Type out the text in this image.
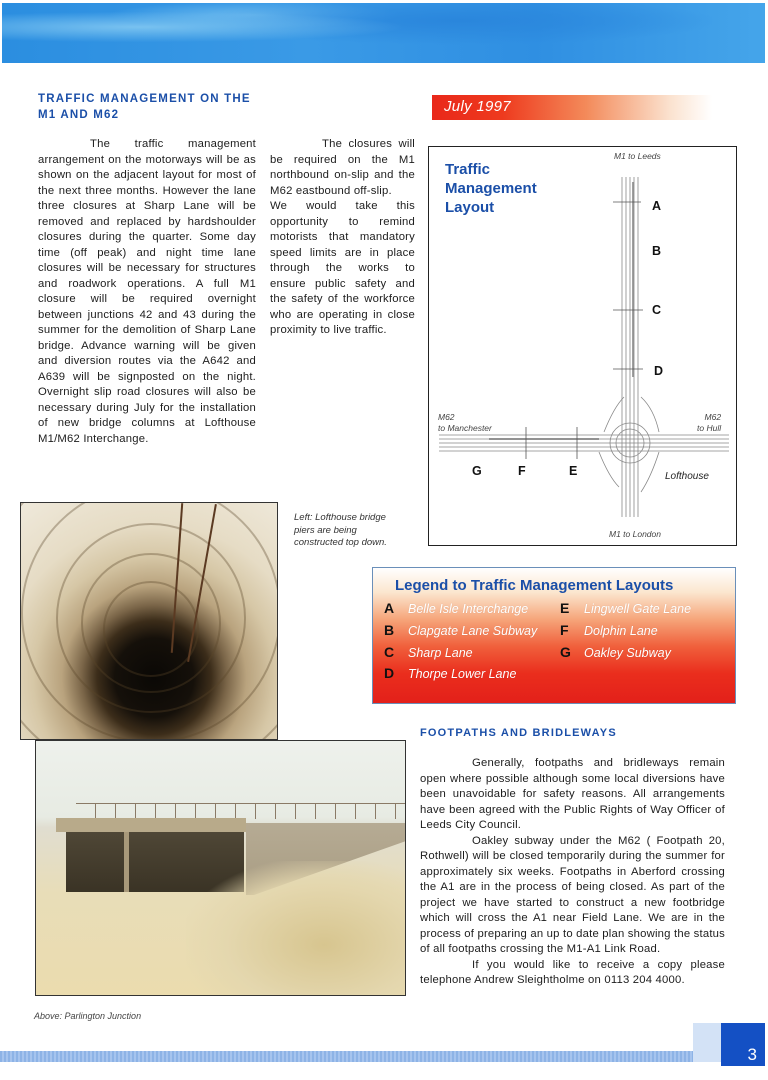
TRAFFIC MANAGEMENT ON THE M1 AND M62

The traffic management arrangement on the motorways will be as shown on the adjacent layout for most of the next three months. However the lane three closures at Sharp Lane will be removed and replaced by hardshoulder closures during the quarter. Some day time (off peak) and night time lane closures will be necessary for structures and roadwork operations. A full M1 closure will be required overnight between junctions 42 and 43 during the summer for the demolition of Sharp Lane bridge. Advance warning will be given and diversion routes via the A642 and A639 will be signposted on the night. Overnight slip road closures will also be necessary during July for the installation of new bridge columns at Lofthouse M1/M62 Interchange.

The closures will be required on the M1 northbound on-slip and the M62 eastbound off-slip.

We would take this opportunity to remind motorists that mandatory speed limits are in place through the works to ensure public safety and the safety of the workforce who are operating in close proximity to live traffic.

July 1997
Traffic
Management
Layout
M1 to Leeds
M1 to London
M62
to Manchester
M62
to Hull
Lofthouse
A
B
C
D
E
F
G
Left: Lofthouse bridge piers are being constructed top down.
Legend to Traffic Management Layouts
A	Belle Isle Interchange
B	Clapgate Lane Subway
C	Sharp Lane
D	Thorpe Lower Lane
E	Lingwell Gate Lane
F	Dolphin Lane
G	Oakley Subway
FOOTPATHS AND BRIDLEWAYS

Generally, footpaths and bridleways remain open where possible although some local diversions have been unavoidable for safety reasons. All arrangements have been agreed with the Public Rights of Way Officer of Leeds City Council.

Oakley subway under the M62 ( Footpath 20, Rothwell) will be closed temporarily during the summer for approximately six weeks. Footpaths in Aberford crossing the A1 are in the process of being closed. As part of the project we have started to construct a new footbridge which will cross the A1 near Field Lane. We are in the process of preparing an up to date plan showing the status of all footpaths crossing the M1-A1 Link Road.

If you would like to receive a copy please telephone Andrew Sleightholme on 0113 204 4000.

Above: Parlington Junction
3
